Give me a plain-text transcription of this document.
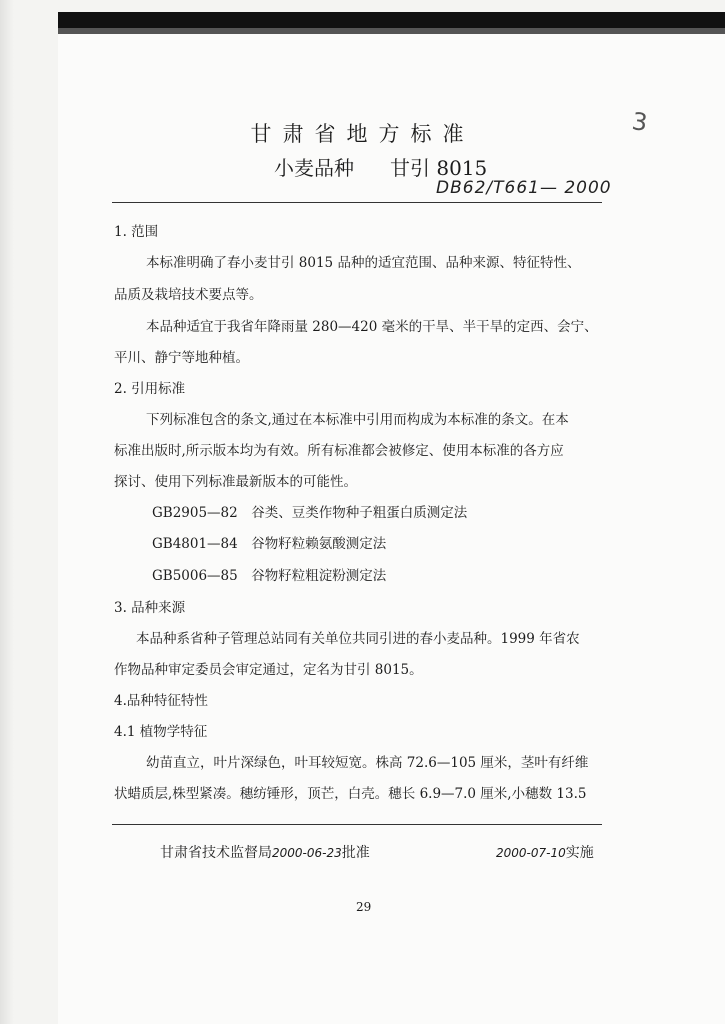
3
甘肃省地方标准
小麦品种 甘引 8015
DB62/T661— 2000
1. 范围
本标准明确了春小麦甘引 8015 品种的适宜范围、品种来源、特征特性、
品质及栽培技术要点等。
本品种适宜于我省年降雨量 280—420 毫米的干旱、半干旱的定西、会宁、
平川、静宁等地种植。
2. 引用标准
下列标准包含的条文,通过在本标准中引用而构成为本标准的条文。在本
标准出版时,所示版本均为有效。所有标准都会被修定、使用本标准的各方应
探讨、使用下列标准最新版本的可能性。
GB2905—82　谷类、豆类作物种子粗蛋白质测定法
GB4801—84　谷物籽粒赖氨酸测定法
GB5006—85　谷物籽粒粗淀粉测定法
3. 品种来源
本品种系省种子管理总站同有关单位共同引进的春小麦品种。1999 年省农
作物品种审定委员会审定通过，定名为甘引 8015。
4.品种特征特性
4.1 植物学特征
幼苗直立，叶片深绿色，叶耳较短宽。株高 72.6—105 厘米，茎叶有纤维
状蜡质层,株型紧凑。穗纺锤形，顶芒，白壳。穗长 6.9—7.0 厘米,小穗数 13.5
甘肃省技术监督局2000-06-23批准	2000-07-10实施
29
